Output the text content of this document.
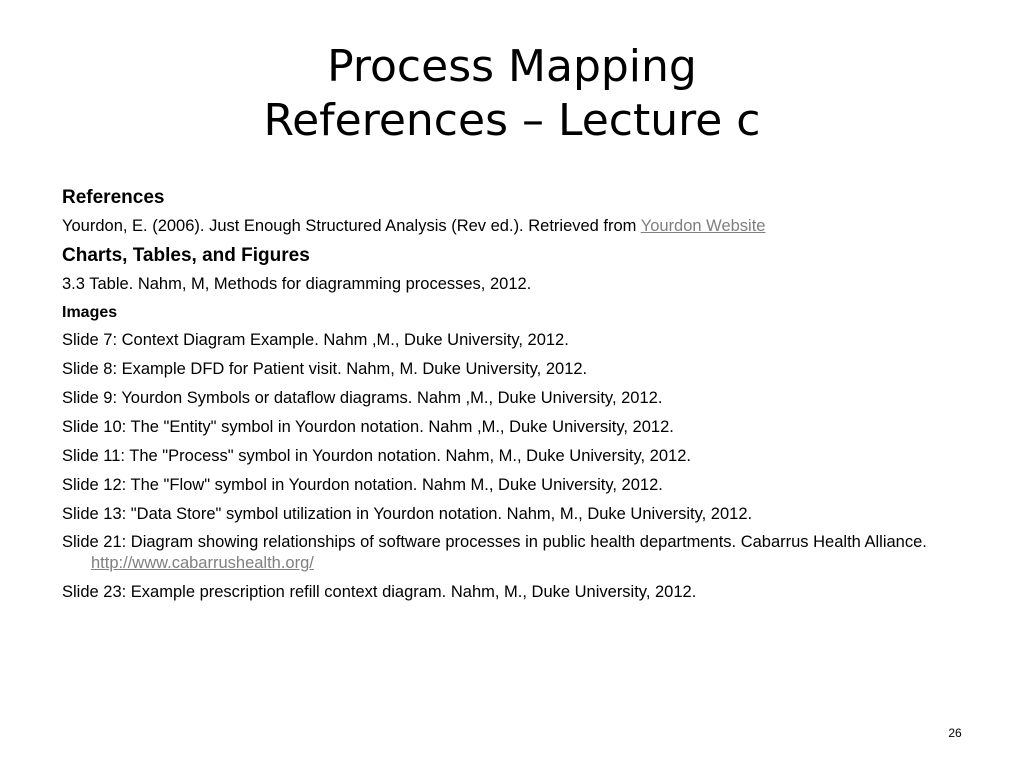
Process Mapping
References – Lecture c
References
Yourdon, E. (2006). Just Enough Structured Analysis (Rev ed.). Retrieved from Yourdon Website
Charts, Tables, and Figures
3.3 Table. Nahm, M, Methods for diagramming processes, 2012.
Images
Slide 7: Context Diagram Example. Nahm ,M., Duke University, 2012.
Slide 8: Example DFD for Patient visit. Nahm, M. Duke University, 2012.
Slide 9: Yourdon Symbols or dataflow diagrams. Nahm ,M., Duke University, 2012.
Slide 10: The "Entity" symbol in Yourdon notation. Nahm ,M., Duke University, 2012.
Slide 11: The "Process" symbol in Yourdon notation. Nahm, M., Duke University, 2012.
Slide 12: The "Flow" symbol in Yourdon notation. Nahm M., Duke University, 2012.
Slide 13: "Data Store" symbol utilization in Yourdon notation. Nahm, M., Duke University, 2012.
Slide 21: Diagram showing relationships of software processes in public health departments. Cabarrus Health Alliance. http://www.cabarrushealth.org/
Slide 23: Example prescription refill context diagram. Nahm, M., Duke University, 2012.
26
